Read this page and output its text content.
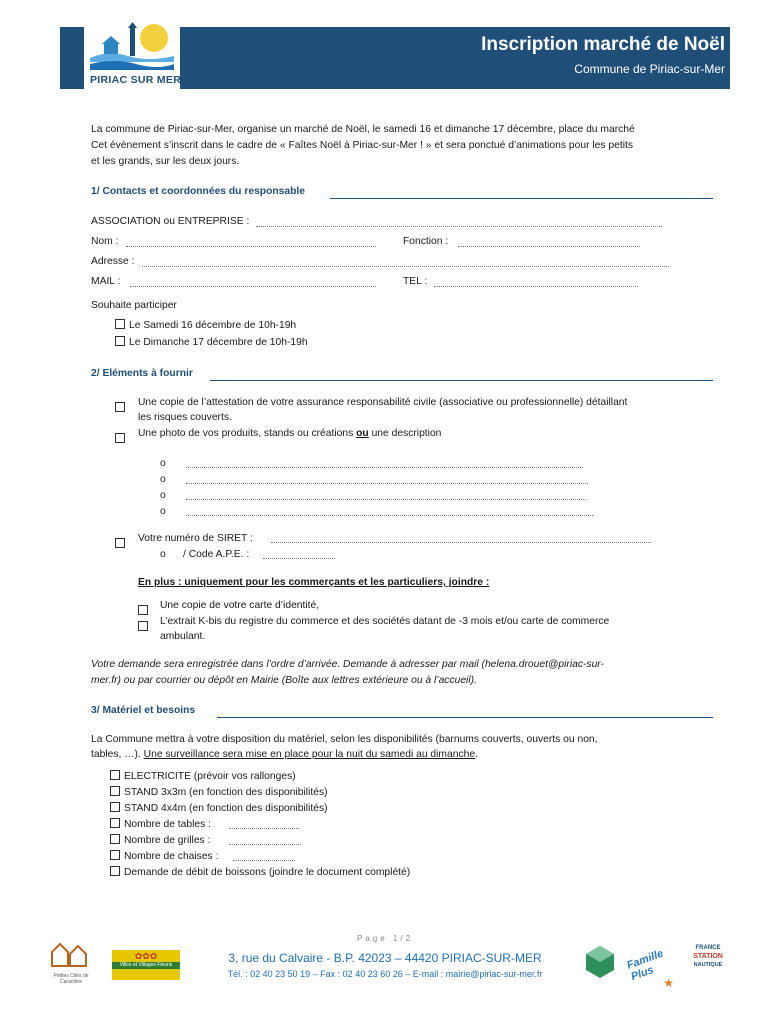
Inscription marché de Noël
Commune de Piriac-sur-Mer
PIRIAC SUR MER
La commune de Piriac-sur-Mer, organise un marché de Noël, le samedi 16 et dimanche 17 décembre, place du marché
Cet évènement s’inscrit dans le cadre de « Faîtes Noël à Piriac-sur-Mer ! » et sera ponctué d’animations pour les petits
et les grands, sur les deux jours.
1/ Contacts et coordonnées du responsable
ASSOCIATION ou ENTREPRISE :
Nom :	Fonction :
Adresse :
MAIL :	TEL :
Souhaite participer
Le Samedi 16 décembre de 10h-19h
Le Dimanche 17 décembre de 10h-19h
2/ Eléments à fournir
Une copie de l’attestation de votre assurance responsabilité civile (associative ou professionnelle) détaillant
les risques couverts.
Une photo de vos produits, stands ou créations ou une description
o
o
o
o
Votre numéro de SIRET :
o / Code A.P.E. :
En plus : uniquement pour les commerçants et les particuliers, joindre :
Une copie de votre carte d’identité,
L’extrait K-bis du registre du commerce et des sociétés datant de -3 mois et/ou carte de commerce
ambulant.
Votre demande sera enregistrée dans l’ordre d’arrivée. Demande à adresser par mail (helena.drouet@piriac-sur-
mer.fr) ou par courrier ou dépôt en Mairie (Boîte aux lettres extérieure ou à l’accueil).
3/ Matériel et besoins
La Commune mettra à votre disposition du matériel, selon les disponibilités (barnums couverts, ouverts ou non,
tables, …). Une surveillance sera mise en place pour la nuit du samedi au dimanche.
ELECTRICITE (prévoir vos rallonges)
STAND 3x3m (en fonction des disponibilités)
STAND 4x4m (en fonction des disponibilités)
Nombre de tables :
Nombre de grilles :
Nombre de chaises :
Demande de débit de boissons (joindre le document complété)
Page 1/2
3, rue du Calvaire - B.P. 42023 – 44420 PIRIAC-SUR-MER
Tél. : 02 40 23 50 19 – Fax : 02 40 23 60 26 – E-mail : mairie@piriac-sur-mer.fr
Petites Cités de Caractère
✿✿✿
Villes et Villages Fleuris	Famille Plus ★
FRANCE
STATION
NAUTIQUE
